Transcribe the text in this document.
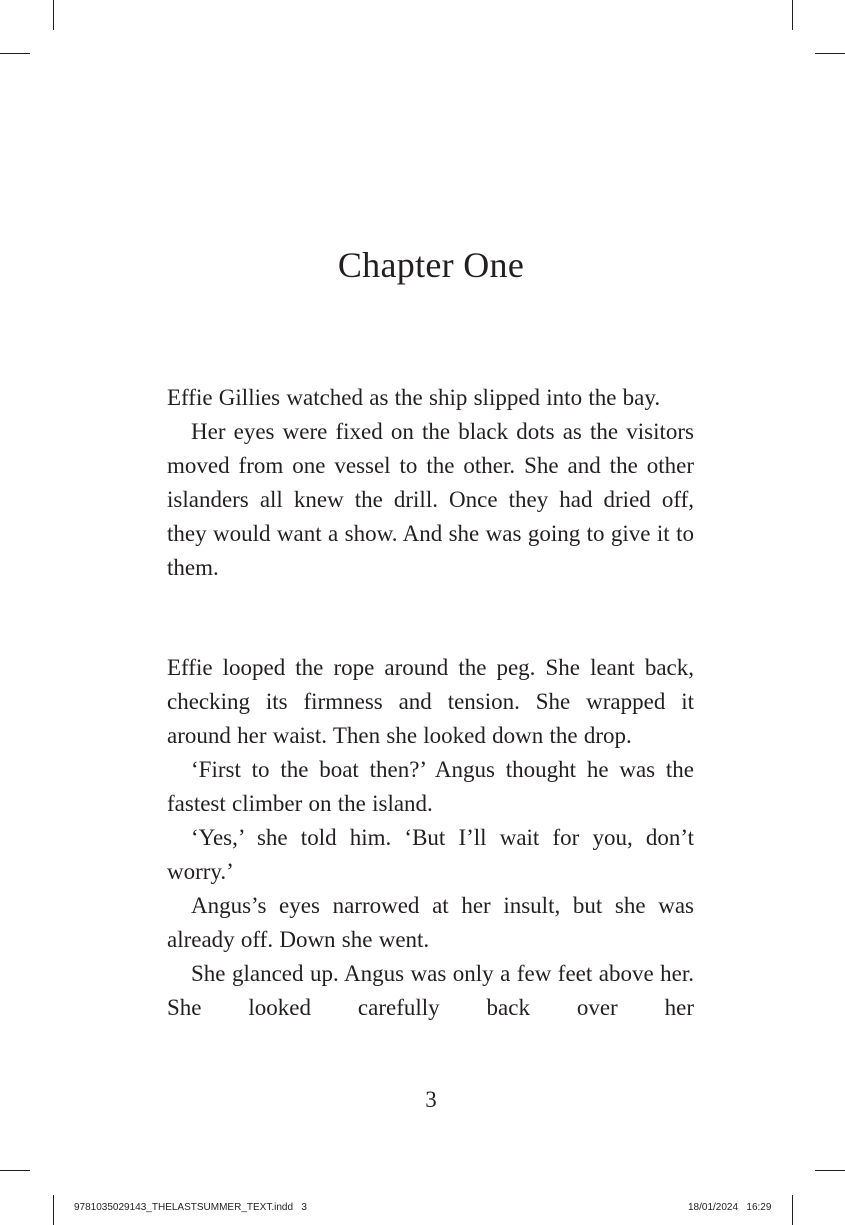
Chapter One

Effie Gillies watched as the ship slipped into the bay.

Her eyes were fixed on the black dots as the visitors moved from one vessel to the other. She and the other islanders all knew the drill. Once they had dried off, they would want a show. And she was going to give it to them.

Effie looped the rope around the peg. She leant back, checking its firmness and tension. She wrapped it around her waist. Then she looked down the drop.

‘First to the boat then?’ Angus thought he was the fastest climber on the island.

‘Yes,’ she told him. ‘But I’ll wait for you, don’t worry.’

Angus’s eyes narrowed at her insult, but she was already off. Down she went.

She glanced up. Angus was only a few feet above her. She looked carefully back over her

3
9781035029143_THELASTSUMMER_TEXT.indd   3	18/01/2024   16:29
